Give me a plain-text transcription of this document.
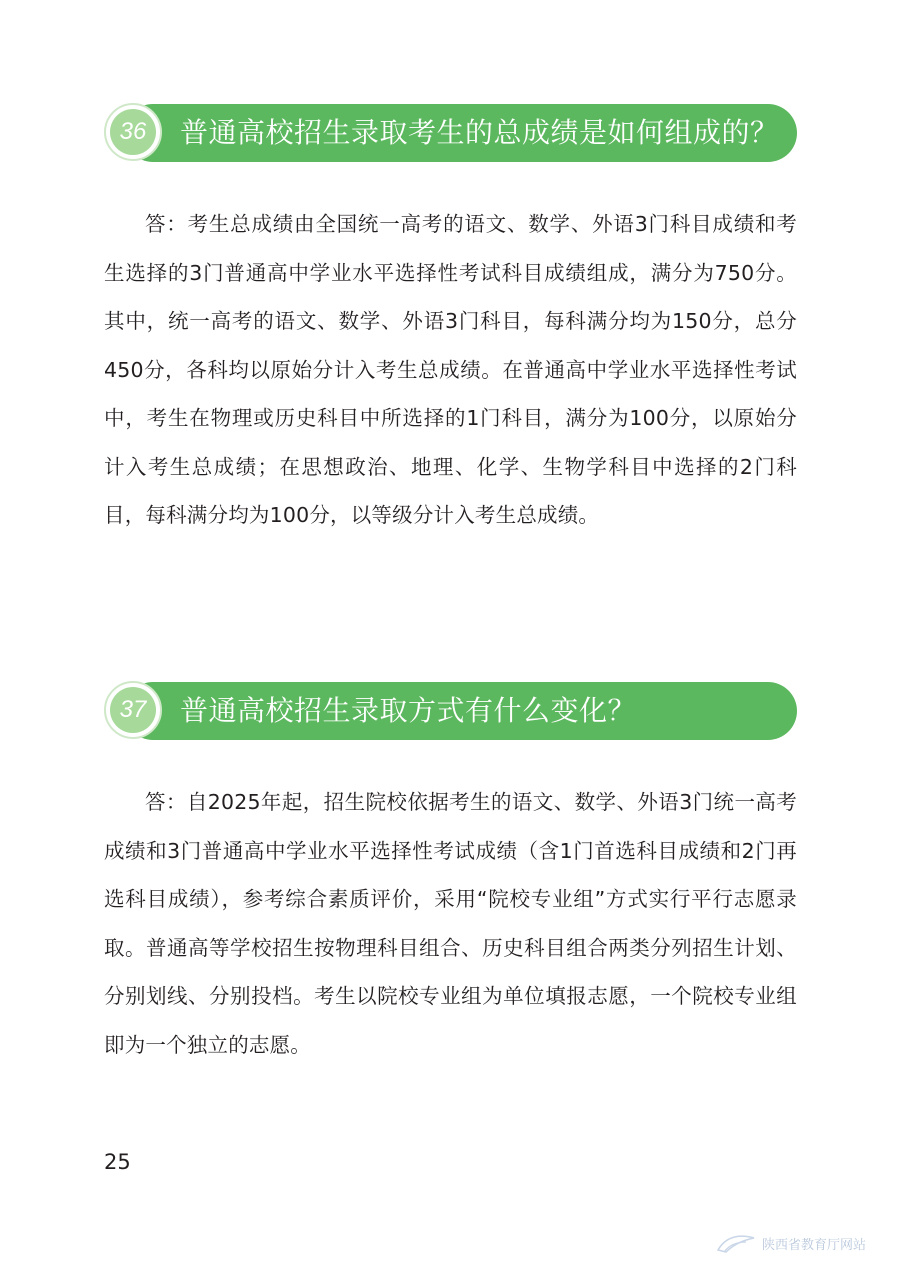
36	普通高校招生录取考生的总成绩是如何组成的？
答：考生总成绩由全国统一高考的语文、数学、外语3门科目成绩和考生选择的3门普通高中学业水平选择性考试科目成绩组成，满分为750分。其中，统一高考的语文、数学、外语3门科目，每科满分均为150分，总分450分，各科均以原始分计入考生总成绩。在普通高中学业水平选择性考试中，考生在物理或历史科目中所选择的1门科目，满分为100分，以原始分计入考生总成绩；在思想政治、地理、化学、生物学科目中选择的2门科目，每科满分均为100分，以等级分计入考生总成绩。
37	普通高校招生录取方式有什么变化？
答：自2025年起，招生院校依据考生的语文、数学、外语3门统一高考成绩和3门普通高中学业水平选择性考试成绩（含1门首选科目成绩和2门再选科目成绩），参考综合素质评价，采用“院校专业组”方式实行平行志愿录取。普通高等学校招生按物理科目组合、历史科目组合两类分列招生计划、分别划线、分别投档。考生以院校专业组为单位填报志愿，一个院校专业组即为一个独立的志愿。
25
陕西省教育厅网站
